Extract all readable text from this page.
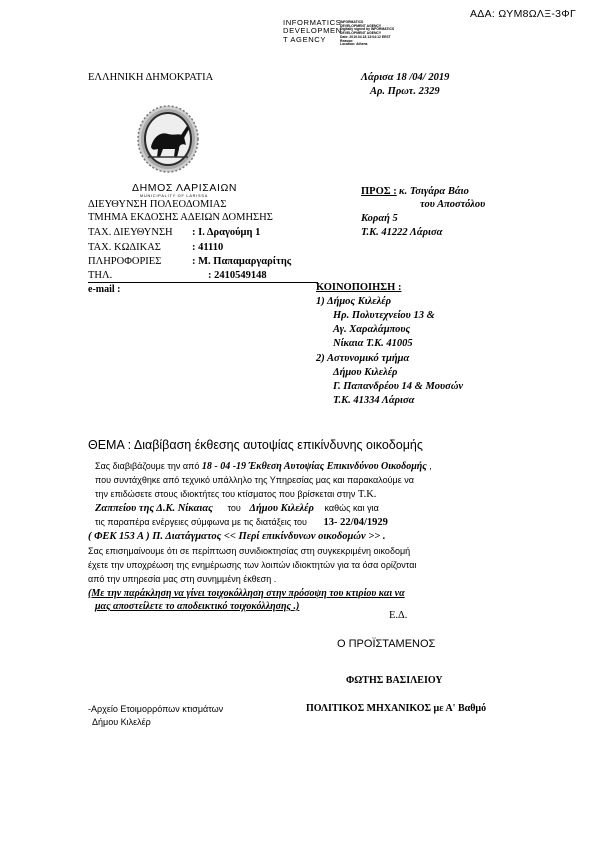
ΑΔΑ: ΩΥΜ8ΩΛΞ-3ΦΓ
INFORMATICS
DEVELOPMEN
T AGENCY
INFORMATICS
DEVELOPMENT AGENCY
Digitally signed by INFORMATICS
DEVELOPMENT AGENCY
Date: 2019.04.18 13:04:12 EEST
Reason:
Location: Athens
ΕΛΛΗΝΙΚΗ ΔΗΜΟΚΡΑΤΙΑ	Λάρισα 18 /04/ 2019
Αρ. Πρωτ. 2329
ΔΗΜΟΣ ΛΑΡΙΣΑΙΩΝ
MUNICIPALITY OF LARISSA
ΔΙΕΥΘΥΝΣΗ ΠΟΛΕΟΔΟΜΙΑΣ
ΤΜΗΜΑ ΕΚΔΟΣΗΣ ΑΔΕΙΩΝ ΔΟΜΗΣΗΣ
ΤΑΧ. ΔΙΕΥΘΥΝΣΗ : Ι. Δραγούμη 1
ΤΑΧ. ΚΩΔΙΚΑΣ	: 41110
ΠΛΗΡΟΦΟΡΙΕΣ	: Μ. Παπαμαργαρίτης
ΤΗΛ.	: 2410549148
e-mail :
ΠΡΟΣ : κ. Τσιγάρα Βάιο
του Αποστόλου
Κοραή 5
Τ.Κ. 41222 Λάρισα
ΚΟΙΝΟΠΟΙΗΣΗ :
1) Δήμος Κιλελέρ
Ηρ. Πολυτεχνείου 13 &
Αγ. Χαραλάμπους
Νίκαια Τ.Κ. 41005
2) Αστυνομικό τμήμα
Δήμου Κιλελέρ
Γ. Παπανδρέου 14 & Μουσών
Τ.Κ. 41334 Λάρισα
ΘΕΜΑ : Διαβίβαση έκθεσης αυτοψίας επικίνδυνης οικοδομής
Σας διαβιβάζουμε την από 18 - 04 -19 Έκθεση Αυτοψίας Επικινδύνου Οικοδομής ,
που συντάχθηκε από τεχνικό υπάλληλο της Υπηρεσίας μας και παρακαλούμε να
την επιδώσετε στους ιδιοκτήτες του κτίσματος που βρίσκεται στην Τ.Κ.
Ζαππείου της Δ.Κ. Νίκαιας του Δήμου Κιλελέρ καθώς και για
τις παραπέρα ενέργειες σύμφωνα με τις διατάξεις του 13- 22/04/1929
( ΦΕΚ 153 Α ) Π. Διατάγματος << Περί επικίνδυνων οικοδομών >> .
Σας επισημαίνουμε ότι σε περίπτωση συνιδιοκτησίας στη συγκεκριμένη οικοδομή
έχετε την υποχρέωση της ενημέρωσης των λοιπών ιδιοκτητών για τα όσα ορίζονται
από την υπηρεσία μας στη συνημμένη έκθεση .
(Με την παράκληση να γίνει τοιχοκόλληση στην πρόσοψη του κτιρίου και να
μας αποστείλετε το αποδεικτικό τοιχοκόλλησης .)
Ε.Δ.
Ο ΠΡΟΪΣΤΑΜΕΝΟΣ
ΦΩΤΗΣ ΒΑΣΙΛΕΙΟΥ
ΠΟΛΙΤΙΚΟΣ ΜΗΧΑΝΙΚΟΣ με Α' Βαθμό
-Αρχείο Ετοιμορρόπων κτισμάτων
Δήμου Κιλελέρ
